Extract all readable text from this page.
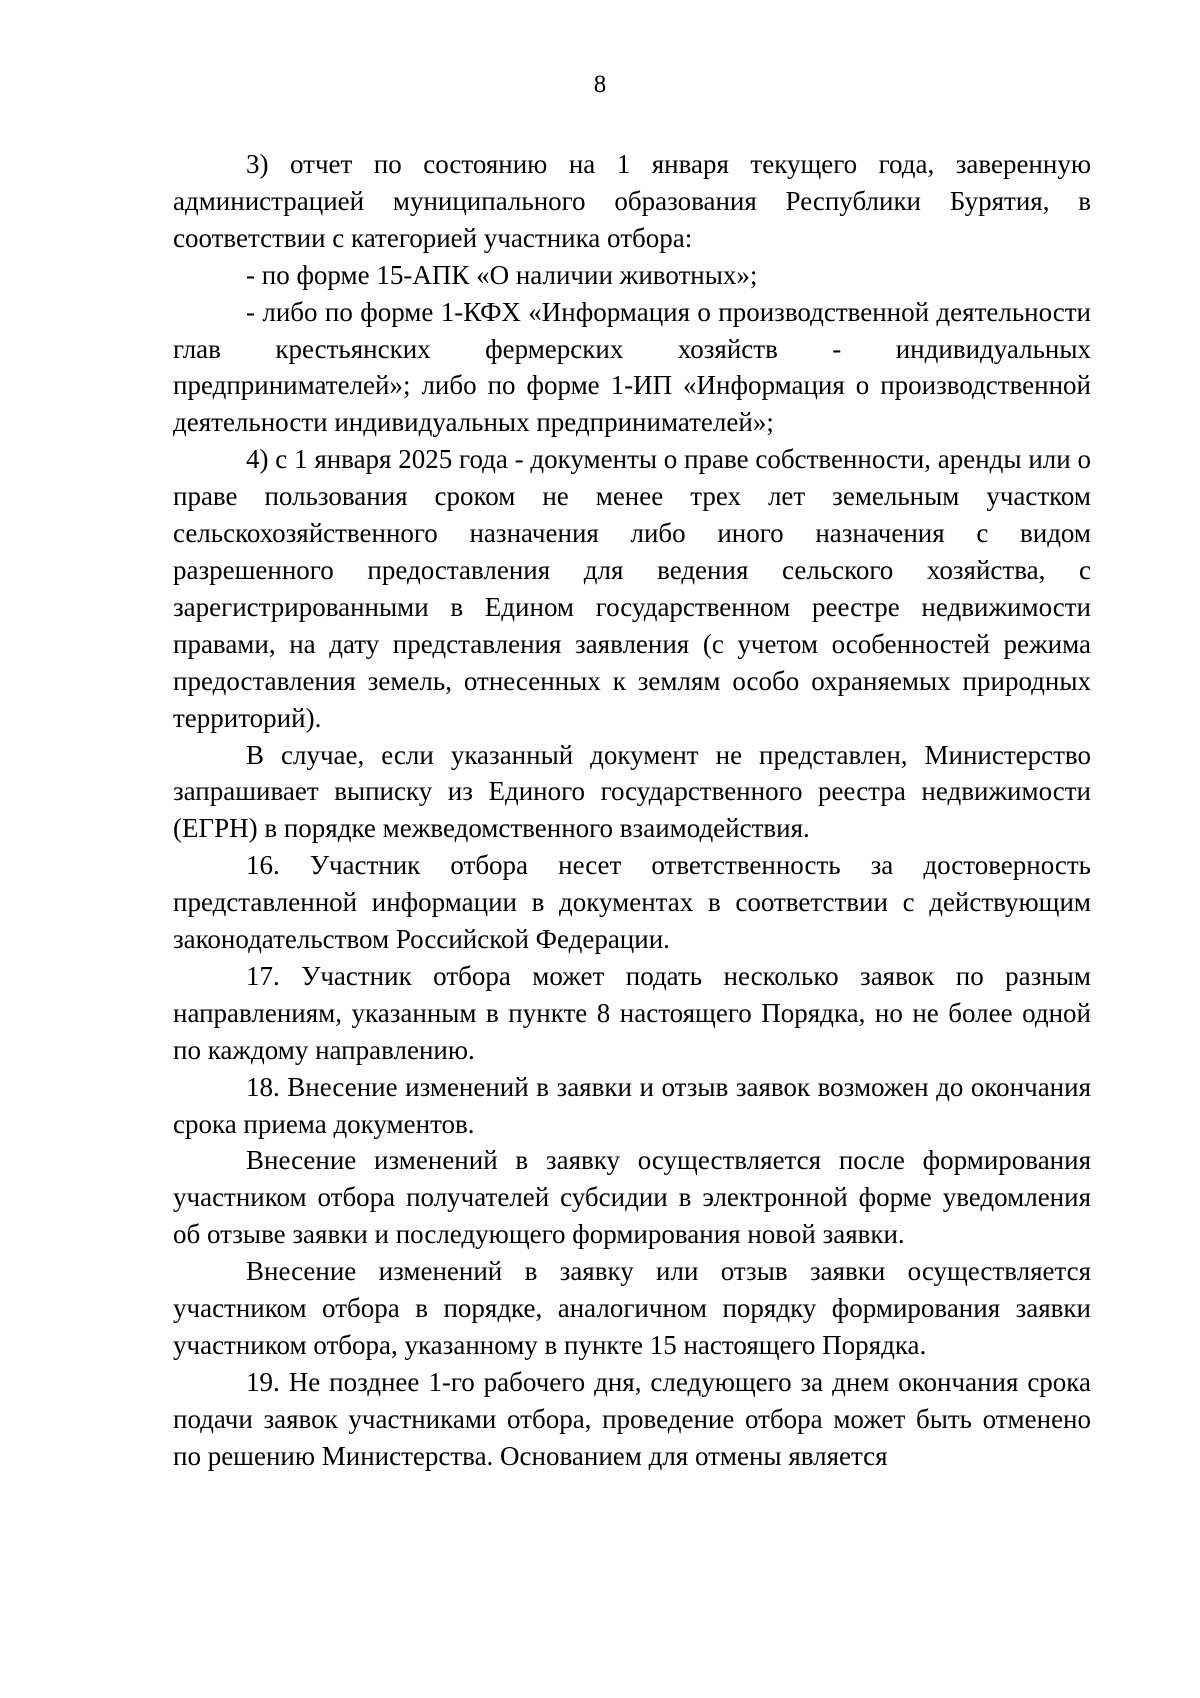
8

3) отчет по состоянию на 1 января текущего года, заверенную администрацией муниципального образования Республики Бурятия, в соответствии с категорией участника отбора:

- по форме 15-АПК «О наличии животных»;

- либо по форме 1-КФХ «Информация о производственной деятельности глав крестьянских фермерских хозяйств - индивидуальных предпринимателей»; либо по форме 1-ИП «Информация о производственной деятельности индивидуальных предпринимателей»;

4) с 1 января 2025 года - документы о праве собственности, аренды или о праве пользования сроком не менее трех лет земельным участком сельскохозяйственного назначения либо иного назначения с видом разрешенного предоставления для ведения сельского хозяйства, с зарегистрированными в Едином государственном реестре недвижимости правами, на дату представления заявления (с учетом особенностей режима предоставления земель, отнесенных к землям особо охраняемых природных территорий).

В случае, если указанный документ не представлен, Министерство запрашивает выписку из Единого государственного реестра недвижимости (ЕГРН) в порядке межведомственного взаимодействия.

16. Участник отбора несет ответственность за достоверность представленной информации в документах в соответствии с действующим законодательством Российской Федерации.

17. Участник отбора может подать несколько заявок по разным направлениям, указанным в пункте 8 настоящего Порядка, но не более одной по каждому направлению.

18. Внесение изменений в заявки и отзыв заявок возможен до окончания срока приема документов.

Внесение изменений в заявку осуществляется после формирования участником отбора получателей субсидии в электронной форме уведомления об отзыве заявки и последующего формирования новой заявки.

Внесение изменений в заявку или отзыв заявки осуществляется участником отбора в порядке, аналогичном порядку формирования заявки участником отбора, указанному в пункте 15 настоящего Порядка.

19. Не позднее 1-го рабочего дня, следующего за днем окончания срока подачи заявок участниками отбора, проведение отбора может быть отменено по решению Министерства. Основанием для отмены является
